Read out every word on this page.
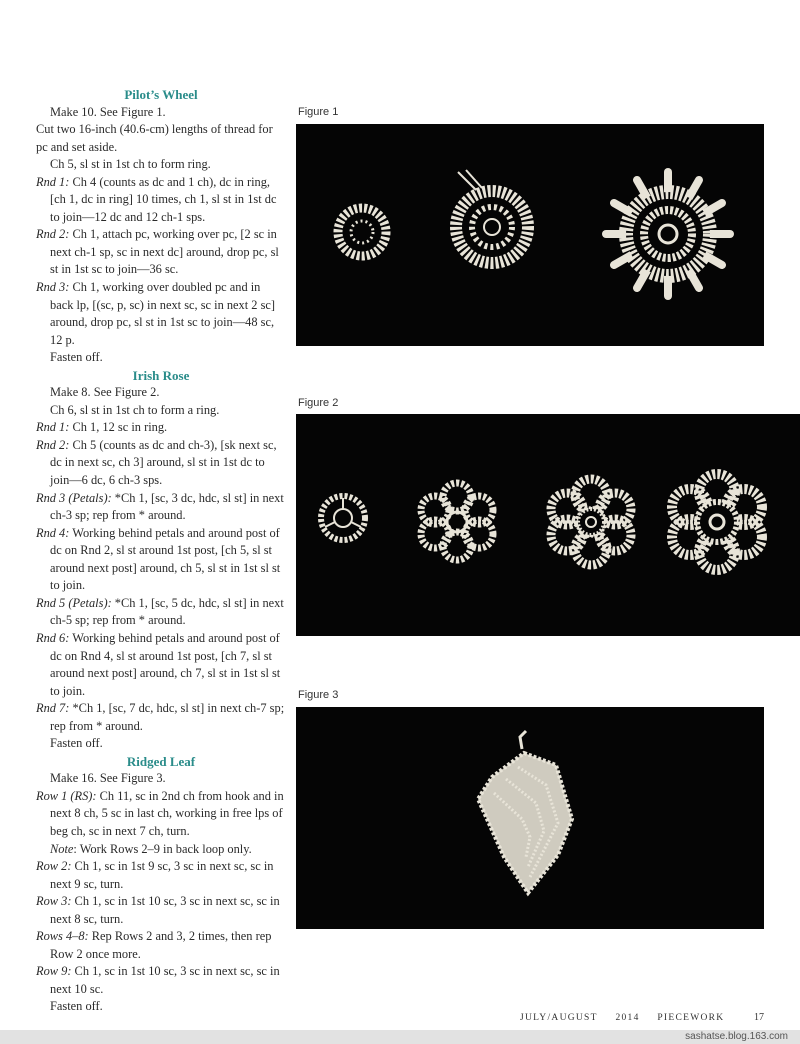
Pilot’s Wheel

Make 10. See Figure 1.

Cut two 16-inch (40.6-cm) lengths of thread for pc and set aside.

Ch 5, sl st in 1st ch to form ring.

Rnd 1: Ch 4 (counts as dc and 1 ch), dc in ring, [ch 1, dc in ring] 10 times, ch 1, sl st in 1st dc to join—12 dc and 12 ch-1 sps.

Rnd 2: Ch 1, attach pc, working over pc, [2 sc in next ch-1 sp, sc in next dc] around, drop pc, sl st in 1st sc to join—36 sc.

Rnd 3: Ch 1, working over doubled pc and in back lp, [(sc, p, sc) in next sc, sc in next 2 sc] around, drop pc, sl st in 1st sc to join—48 sc, 12 p.

Fasten off.

Irish Rose

Make 8. See Figure 2.

Ch 6, sl st in 1st ch to form a ring.

Rnd 1: Ch 1, 12 sc in ring.

Rnd 2: Ch 5 (counts as dc and ch-3), [sk next sc, dc in next sc, ch 3] around, sl st in 1st dc to join—6 dc, 6 ch-3 sps.

Rnd 3 (Petals): *Ch 1, [sc, 3 dc, hdc, sl st] in next ch-3 sp; rep from * around.

Rnd 4: Working behind petals and around post of dc on Rnd 2, sl st around 1st post, [ch 5, sl st around next post] around, ch 5, sl st in 1st sl st to join.

Rnd 5 (Petals): *Ch 1, [sc, 5 dc, hdc, sl st] in next ch-5 sp; rep from * around.

Rnd 6: Working behind petals and around post of dc on Rnd 4, sl st around 1st post, [ch 7, sl st around next post] around, ch 7, sl st in 1st sl st to join.

Rnd 7: *Ch 1, [sc, 7 dc, hdc, sl st] in next ch-7 sp; rep from * around.

Fasten off.

Ridged Leaf

Make 16. See Figure 3.

Row 1 (RS): Ch 11, sc in 2nd ch from hook and in next 8 ch, 5 sc in last ch, working in free lps of beg ch, sc in next 7 ch, turn.

Note: Work Rows 2–9 in back loop only.

Row 2: Ch 1, sc in 1st 9 sc, 3 sc in next sc, sc in next 9 sc, turn.

Row 3: Ch 1, sc in 1st 10 sc, 3 sc in next sc, sc in next 8 sc, turn.

Rows 4–8: Rep Rows 2 and 3, 2 times, then rep Row 2 once more.

Row 9: Ch 1, sc in 1st 10 sc, 3 sc in next sc, sc in next 10 sc.

Fasten off.

Figure 1
Figure 2
Figure 3
JULY/AUGUST 2014 PIECEWORK	17
sashatse.blog.163.com
